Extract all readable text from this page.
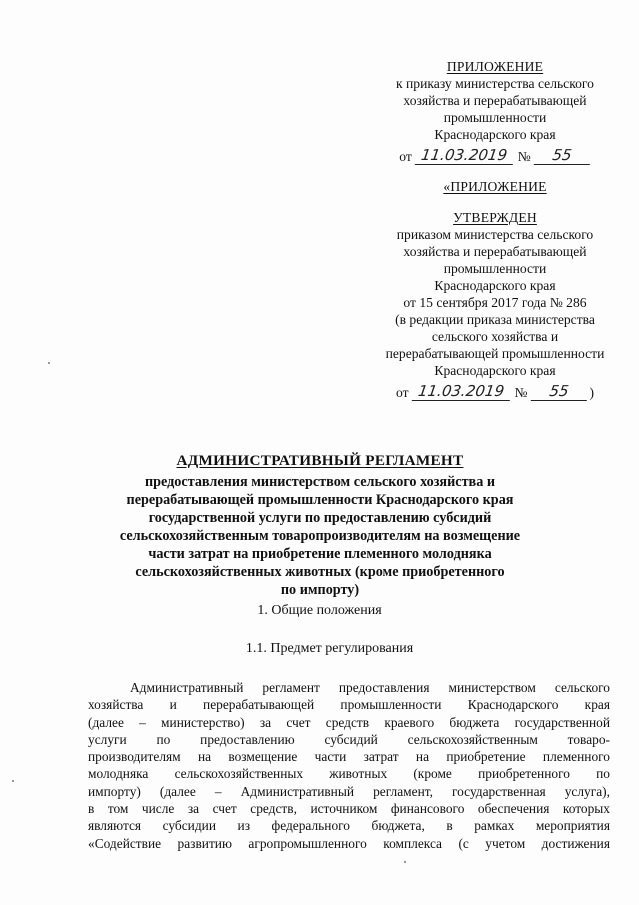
ПРИЛОЖЕНИЕ
к приказу министерства сельского
хозяйства и перерабатывающей
промышленности
Краснодарского края
от 11.03.2019 №	55
«ПРИЛОЖЕНИЕ
УТВЕРЖДЕН
приказом министерства сельского
хозяйства и перерабатывающей
промышленности
Краснодарского края
от 15 сентября 2017 года № 286
(в редакции приказа министерства
сельского хозяйства и
перерабатывающей промышленности
Краснодарского края
от 11.03.2019 №	55	)
АДМИНИСТРАТИВНЫЙ РЕГЛАМЕНТ
предоставления министерством сельского хозяйства и
перерабатывающей промышленности Краснодарского края
государственной услуги по предоставлению субсидий
сельскохозяйственным товаропроизводителям на возмещение
части затрат на приобретение племенного молодняка
сельскохозяйственных животных (кроме приобретенного
по импорту)
1. Общие положения
1.1. Предмет регулирования
Административный регламент предоставления министерством сельского
хозяйства и перерабатывающей промышленности Краснодарского края
(далее – министерство) за счет средств краевого бюджета государственной
услуги по предоставлению субсидий сельскохозяйственным товаро-
производителям на возмещение части затрат на приобретение племенного
молодняка сельскохозяйственных животных (кроме приобретенного по
импорту) (далее – Административный регламент, государственная услуга),
в том числе за счет средств, источником финансового обеспечения которых
являются субсидии из федерального бюджета, в рамках мероприятия
«Содействие развитию агропромышленного комплекса (с учетом достижения
